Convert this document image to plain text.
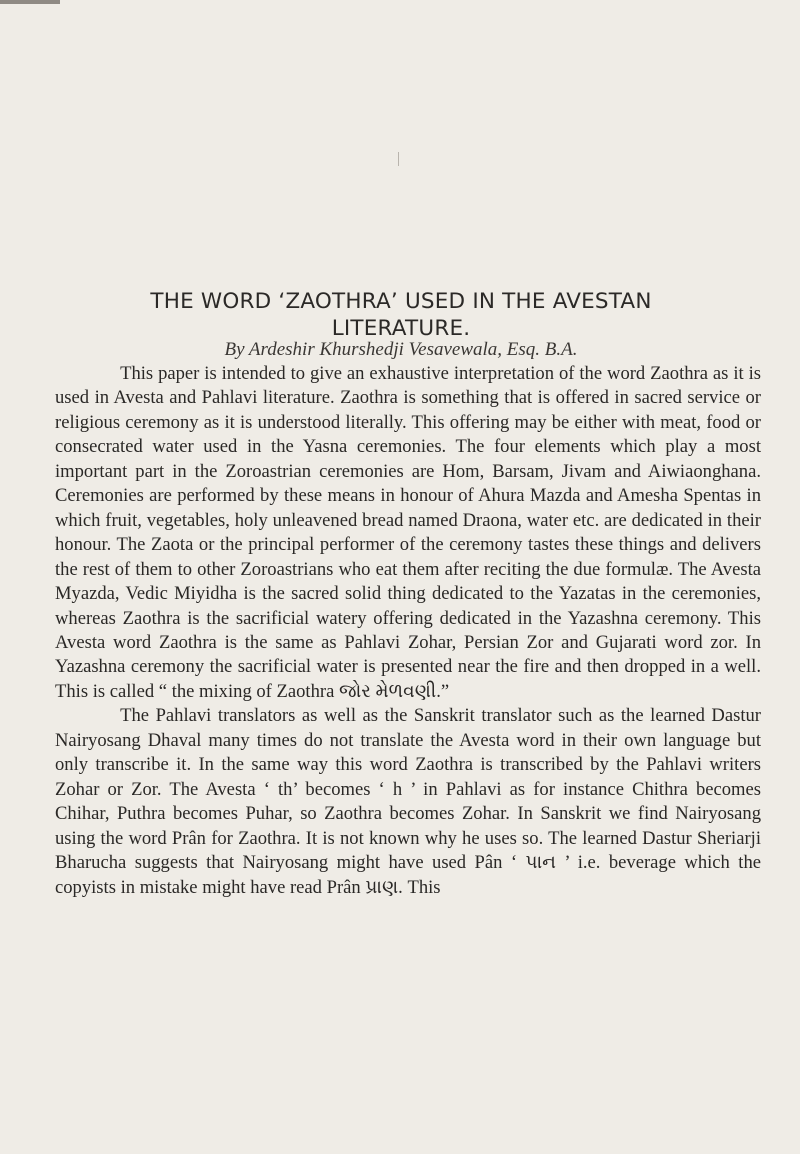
THE WORD ‘ZAOTHRA’ USED IN THE AVESTAN
LITERATURE.
By Ardeshir Khurshedji Vesavewala, Esq. B.A.

This paper is intended to give an exhaustive interpretation of the word Zaothra as it is used in Avesta and Pahlavi literature. Zaothra is something that is offered in sacred service or religious ceremony as it is understood literally. This offering may be either with meat, food or consecrated water used in the Yasna ceremonies. The four elements which play a most important part in the Zoroastrian ceremonies are Hom, Barsam, Jivam and Aiwiaonghana. Ceremonies are performed by these means in honour of Ahura Mazda and Amesha Spentas in which fruit, vegetables, holy unleavened bread named Draona, water etc. are dedicated in their honour. The Zaota or the principal performer of the ceremony tastes these things and delivers the rest of them to other Zoroastrians who eat them after reciting the due formulæ. The Avesta Myazda, Vedic Miyidha is the sacred solid thing dedicated to the Yazatas in the ceremonies, whereas Zaothra is the sacrificial watery offering dedicated in the Yazashna ceremony. This Avesta word Zaothra is the same as Pahlavi Zohar, Persian Zor and Gujarati word zor. In Yazashna ceremony the sacrificial water is presented near the fire and then dropped in a well. This is called “ the mixing of Zaothra જોર મેળવણી.”

The Pahlavi translators as well as the Sanskrit translator such as the learned Dastur Nairyosang Dhaval many times do not translate the Avesta word in their own language but only transcribe it. In the same way this word Zaothra is transcribed by the Pahlavi writers Zohar or Zor. The Avesta ‘ th’ becomes ‘ h ’ in Pahlavi as for instance Chithra becomes Chihar, Puthra becomes Puhar, so Zaothra becomes Zohar. In Sanskrit we find Nairyosang using the word Prân for Zaothra. It is not known why he uses so. The learned Dastur Sheriarji Bharucha suggests that Nairyosang might have used Pân ‘ પાન ’ i.e. beverage which the copyists in mistake might have read Prân પ્રાણ. This
